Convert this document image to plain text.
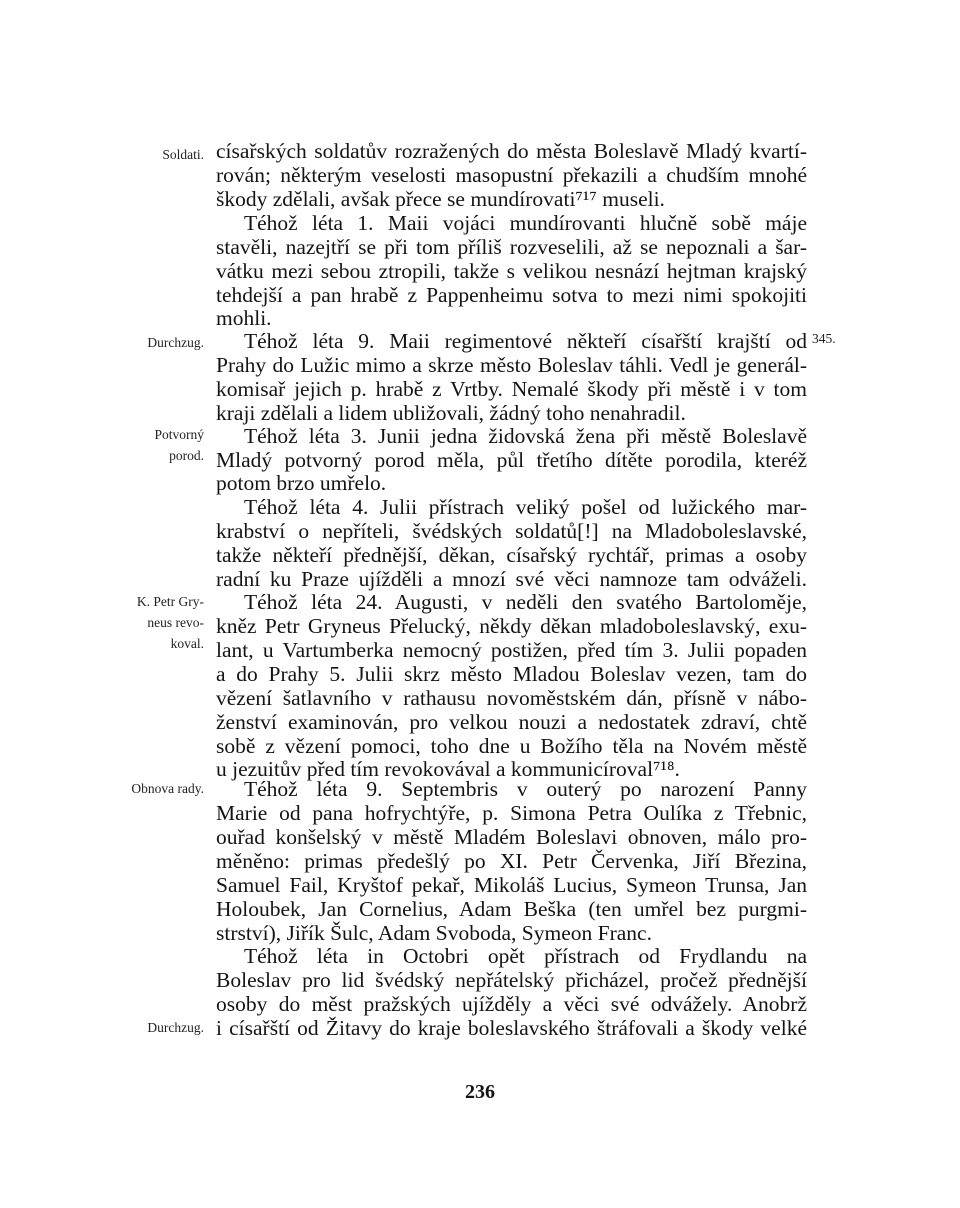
Soldati.
Durchzug.
Potvorný
porod.
K. Petr Gry-
neus revo-
koval.
Obnova rady.
Durchzug.
345.
císařských soldatův rozražených do města Boleslavě Mladý kvartí-
rován; některým veselosti masopustní překazili a chudším mnohé
škody zdělali, avšak přece se mundírovati⁷¹⁷ museli.
Téhož léta 1. Maii vojáci mundírovanti hlučně sobě máje
stavěli, nazejtří se při tom příliš rozveselili, až se nepoznali a šar-
vátku mezi sebou ztropili, takže s velikou nesnází hejtman krajský
tehdejší a pan hrabě z Pappenheimu sotva to mezi nimi spokojiti
mohli.
Téhož léta 9. Maii regimentové někteří císařští krajští od
Prahy do Lužic mimo a skrze město Boleslav táhli. Vedl je generál-
komisař jejich p. hrabě z Vrtby. Nemalé škody při městě i v tom
kraji zdělali a lidem ubližovali, žádný toho nenahradil.
Téhož léta 3. Junii jedna židovská žena při městě Boleslavě
Mladý potvorný porod měla, půl třetího dítěte porodila, kteréž
potom brzo umřelo.
Téhož léta 4. Julii přístrach veliký pošel od lužického mar-
krabství o nepříteli, švédských soldatů[!] na Mladoboleslavské,
takže někteří přednější, děkan, císařský rychtář, primas a osoby
radní ku Praze ujížděli a mnozí své věci namnoze tam odváželi.
Téhož léta 24. Augusti, v neděli den svatého Bartoloměje,
kněz Petr Gryneus Přelucký, někdy děkan mladoboleslavský, exu-
lant, u Vartumberka nemocný postižen, před tím 3. Julii popaden
a do Prahy 5. Julii skrz město Mladou Boleslav vezen, tam do
vězení šatlavního v rathausu novoměstském dán, přísně v nábo-
ženství examinován, pro velkou nouzi a nedostatek zdraví, chtě
sobě z vězení pomoci, toho dne u Božího těla na Novém městě
u jezuitův před tím revokovával a kommunicíroval⁷¹⁸.
Téhož léta 9. Septembris v outerý po narození Panny
Marie od pana hofrychtýře, p. Simona Petra Oulíka z Třebnic,
ouřad konšelský v městě Mladém Boleslavi obnoven, málo pro-
měněno: primas předešlý po XI. Petr Červenka, Jiří Březina,
Samuel Fail, Kryštof pekař, Mikoláš Lucius, Symeon Trunsa, Jan
Holoubek, Jan Cornelius, Adam Beška (ten umřel bez purgmi-
strství), Jiřík Šulc, Adam Svoboda, Symeon Franc.
Téhož léta in Octobri opět přístrach od Frydlandu na
Boleslav pro lid švédský nepřátelský přicházel, pročež přednější
osoby do měst pražských ujížděly a věci své odvážely. Anobrž
i císařští od Žitavy do kraje boleslavského štráfovali a škody velké
236
